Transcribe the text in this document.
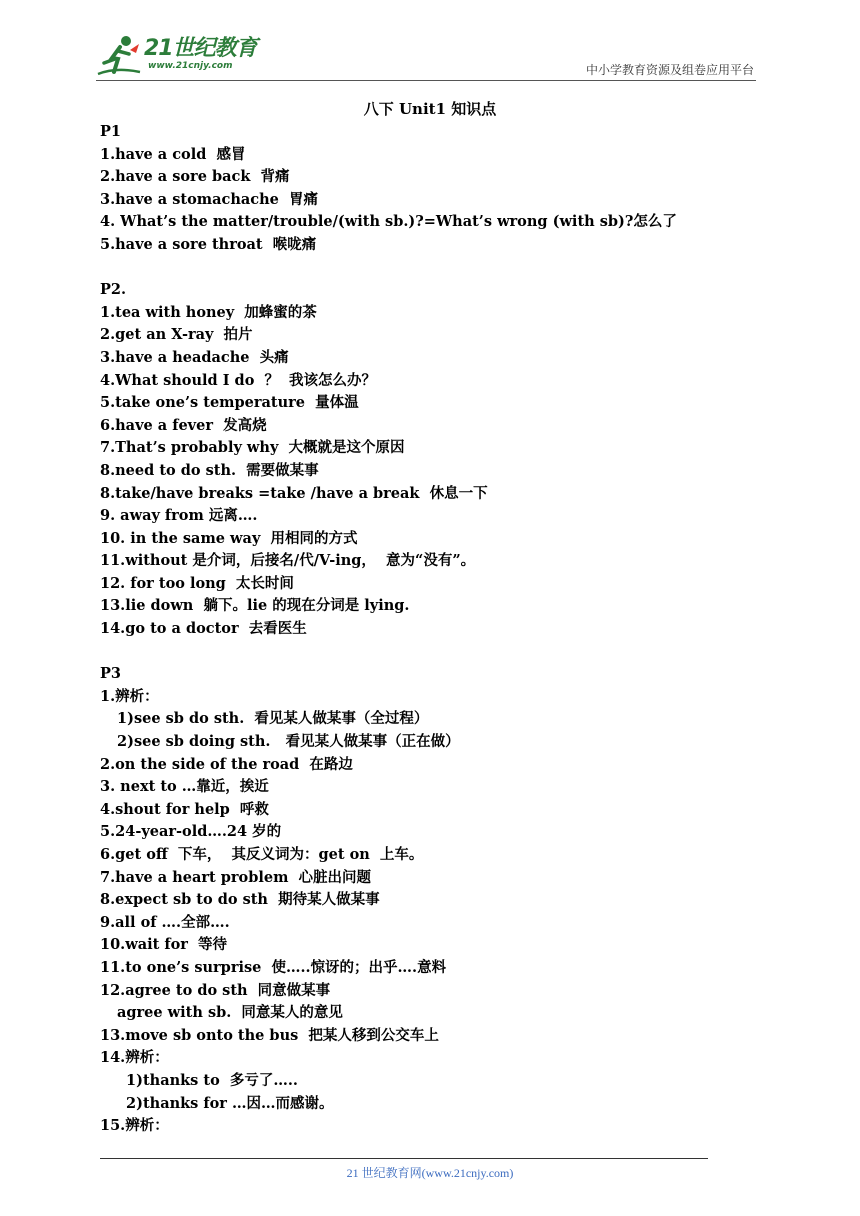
21世纪教育
www.21cnjy.com	中小学教育资源及组卷应用平台
八下 Unit1 知识点
P1
1.have a cold  感冒
2.have a sore back  背痛
3.have a stomachache  胃痛
4. What’s the matter/trouble/(with sb.)?=What’s wrong (with sb)?怎么了
5.have a sore throat  喉咙痛
P2.
1.tea with honey  加蜂蜜的茶
2.get an X-ray  拍片
3.have a headache  头痛
4.What should I do  ？  我该怎么办？
5.take one’s temperature  量体温
6.have a fever  发高烧
7.That’s probably why  大概就是这个原因
8.need to do sth.  需要做某事
8.take/have breaks =take /have a break  休息一下
9. away from 远离….
10. in the same way  用相同的方式
11.without 是介词，后接名/代/V-ing，  意为“没有”。
12. for too long  太长时间
13.lie down  躺下。lie 的现在分词是 lying.
14.go to a doctor  去看医生
P3
1.辨析：
1)see sb do sth.  看见某人做某事（全过程）
2)see sb doing sth.   看见某人做某事（正在做）
2.on the side of the road  在路边
3. next to …靠近，挨近
4.shout for help  呼救
5.24-year-old….24 岁的
6.get off  下车，  其反义词为：get on  上车。
7.have a heart problem  心脏出问题
8.expect sb to do sth  期待某人做某事
9.all of ….全部….
10.wait for  等待
11.to one’s surprise  使…..惊讶的；出乎….意料
12.agree to do sth  同意做某事
agree with sb.  同意某人的意见
13.move sb onto the bus  把某人移到公交车上
14.辨析：
1)thanks to  多亏了…..
2)thanks for …因…而感谢。
15.辨析：
21 世纪教育网(www.21cnjy.com)
